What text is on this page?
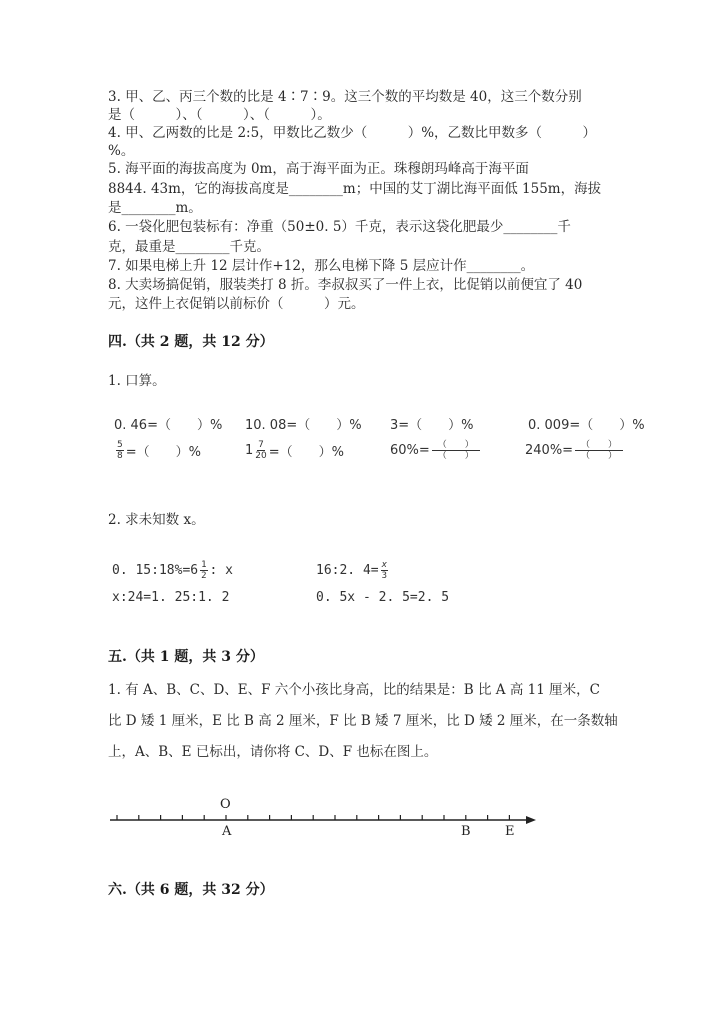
3. 甲、乙、丙三个数的比是 4∶7∶9。这三个数的平均数是 40，这三个数分别
是（　　　）、（　　　）、（　　　）。
4. 甲、乙两数的比是 2:5，甲数比乙数少（　　　）%，乙数比甲数多（　　　）
%。
5. 海平面的海拔高度为 0m，高于海平面为正。珠穆朗玛峰高于海平面
8844. 43m，它的海拔高度是________m；中国的艾丁湖比海平面低 155m，海拔
是________m。
6. 一袋化肥包装标有：净重（50±0. 5）千克，表示这袋化肥最少________千
克，最重是________千克。
7. 如果电梯上升 12 层计作+12，那么电梯下降 5 层应计作________。
8. 大卖场搞促销，服装类打 8 折。李叔叔买了一件上衣，比促销以前便宜了 40
元，这件上衣促销以前标价（　　　）元。
四.（共 2 题，共 12 分）
1. 口算。
0. 46=（　　）% 10. 08=（　　）% 3=（　　）%	0. 009=（　　）%
$\frac{5}{8}$ =（　　）%	$1 \frac{7}{20}$ =（　　）%	$60\%= \frac{( )}{( )}$	$240\%= \frac{( )}{( )}$
2. 求未知数 x。
0. 15:18%=6 $\frac{1}{2}$ : x	16:2. $4= \frac{x}{3}$
x:24=1. 25:1. 2	0. 5x - 2. 5=2. 5
五.（共 1 题，共 3 分）
1. 有 A、B、C、D、E、F 六个小孩比身高，比的结果是：B 比 A 高 11 厘米，C
比 D 矮 1 厘米，E 比 B 高 2 厘米，F 比 B 矮 7 厘米，比 D 矮 2 厘米，在一条数轴
上，A、B、E 已标出，请你将 C、D、F 也标在图上。
O
A	B	E
六.（共 6 题，共 32 分）
